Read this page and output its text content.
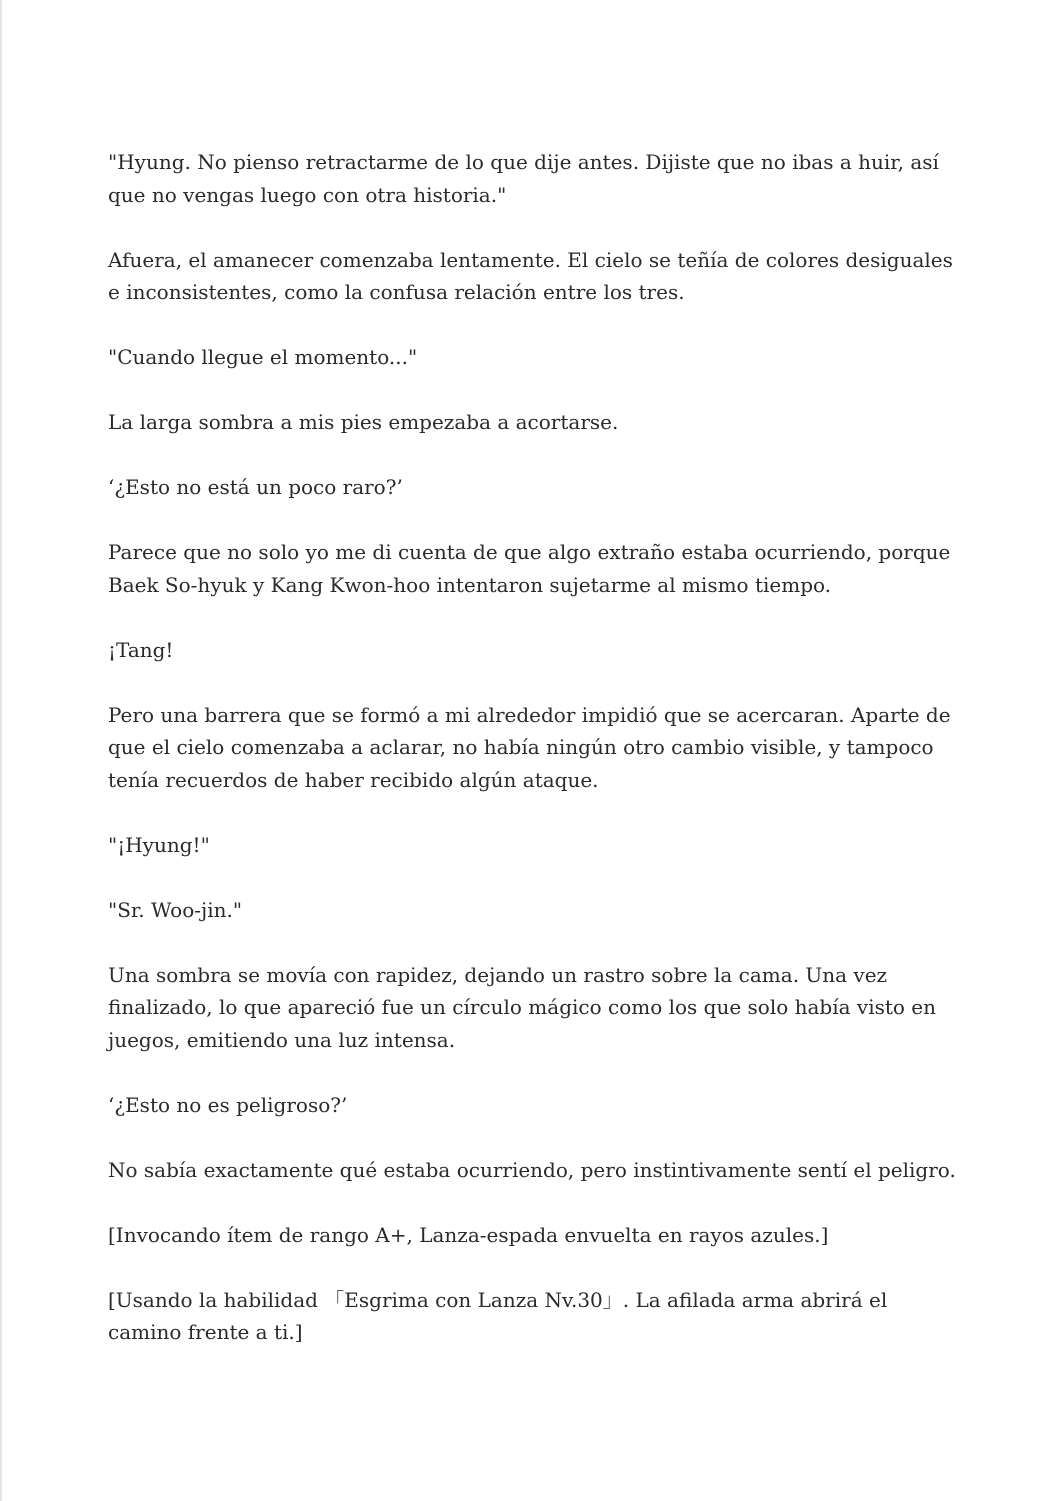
"Hyung. No pienso retractarme de lo que dije antes. Dijiste que no ibas a huir, así que no vengas luego con otra historia."

Afuera, el amanecer comenzaba lentamente. El cielo se teñía de colores desiguales e inconsistentes, como la confusa relación entre los tres.

"Cuando llegue el momento..."

La larga sombra a mis pies empezaba a acortarse.

‘¿Esto no está un poco raro?’

Parece que no solo yo me di cuenta de que algo extraño estaba ocurriendo, porque Baek So-hyuk y Kang Kwon-hoo intentaron sujetarme al mismo tiempo.

¡Tang!

Pero una barrera que se formó a mi alrededor impidió que se acercaran. Aparte de que el cielo comenzaba a aclarar, no había ningún otro cambio visible, y tampoco tenía recuerdos de haber recibido algún ataque.

"¡Hyung!"

"Sr. Woo-jin."

Una sombra se movía con rapidez, dejando un rastro sobre la cama. Una vez finalizado, lo que apareció fue un círculo mágico como los que solo había visto en juegos, emitiendo una luz intensa.

‘¿Esto no es peligroso?’

No sabía exactamente qué estaba ocurriendo, pero instintivamente sentí el peligro.

[Invocando ítem de rango A+, Lanza-espada envuelta en rayos azules.]

[Usando la habilidad 「Esgrima con Lanza Nv.30」. La afilada arma abrirá el camino frente a ti.]
